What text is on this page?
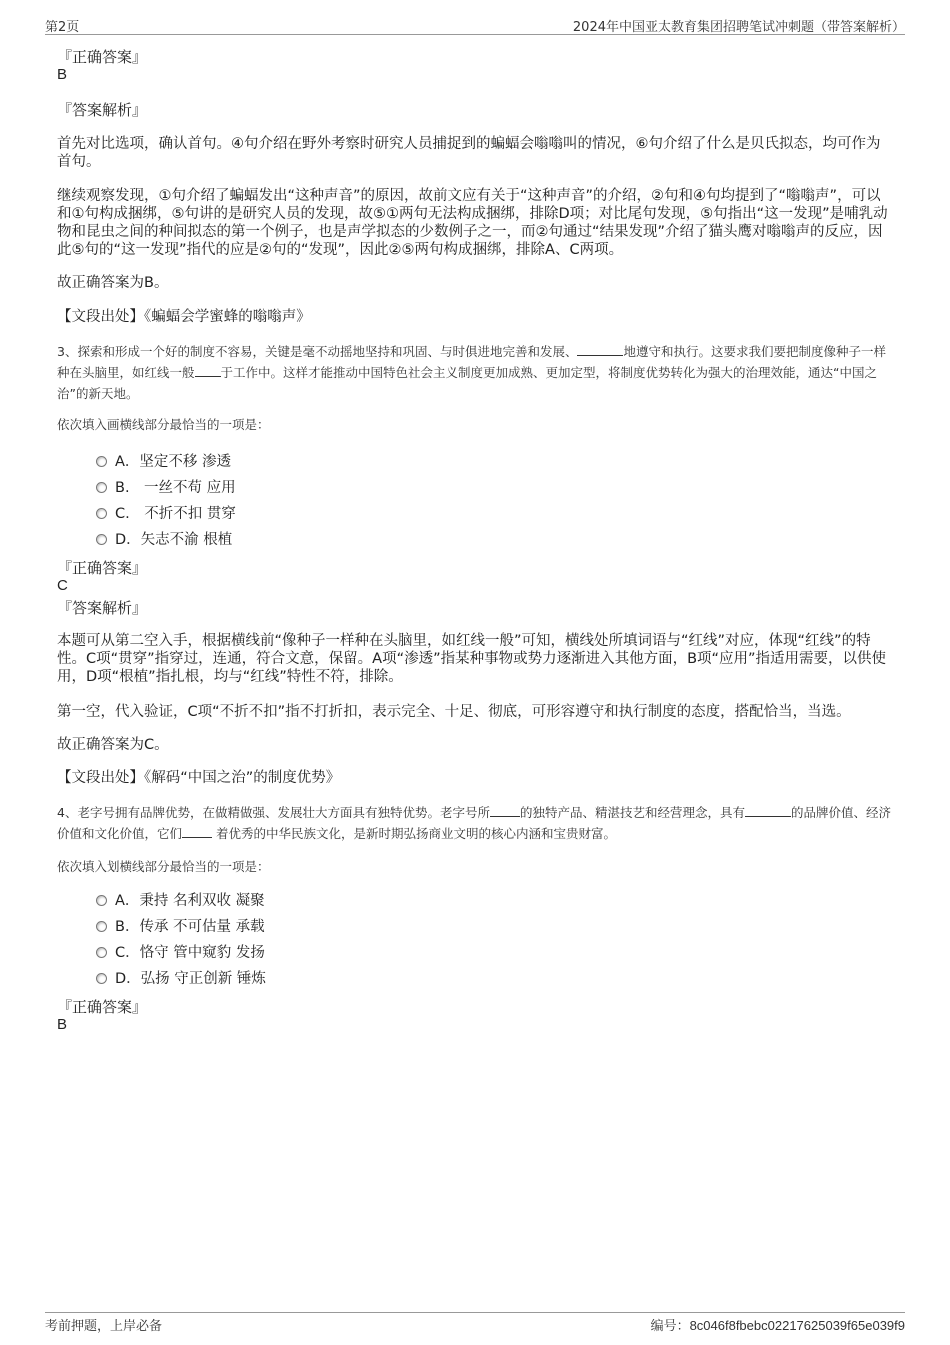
第2页	2024年中国亚太教育集团招聘笔试冲刺题（带答案解析）
『正确答案』
B
『答案解析』
首先对比选项，确认首句。④句介绍在野外考察时研究人员捕捉到的蝙蝠会嗡嗡叫的情况，⑥句介绍了什么是贝氏拟态，均可作为首句。
继续观察发现，①句介绍了蝙蝠发出“这种声音”的原因，故前文应有关于“这种声音”的介绍，②句和④句均提到了“嗡嗡声”，可以和①句构成捆绑，⑤句讲的是研究人员的发现，故⑤①两句无法构成捆绑，排除D项；对比尾句发现，⑤句指出“这一发现”是哺乳动物和昆虫之间的种间拟态的第一个例子，也是声学拟态的少数例子之一，而②句通过“结果发现”介绍了猫头鹰对嗡嗡声的反应，因此⑤句的“这一发现”指代的应是②句的“发现”，因此②⑤两句构成捆绑，排除A、C两项。
故正确答案为B。
【文段出处】《蝙蝠会学蜜蜂的嗡嗡声》
3、探索和形成一个好的制度不容易，关键是毫不动摇地坚持和巩固、与时俱进地完善和发展、	地遵守和执行。这要求我们要把制度像种子一样种在头脑里，如红线一般 于工作中。这样才能推动中国特色社会主义制度更加成熟、更加定型，将制度优势转化为强大的治理效能，通达“中国之治”的新天地。
依次填入画横线部分最恰当的一项是：
A．坚定不移 渗透
B.　一丝不苟 应用
C.　不折不扣 贯穿
D．矢志不渝 根植
『正确答案』
C
『答案解析』
本题可从第二空入手，根据横线前“像种子一样种在头脑里，如红线一般”可知，横线处所填词语与“红线”对应，体现“红线”的特性。C项“贯穿”指穿过，连通，符合文意，保留。A项“渗透”指某种事物或势力逐渐进入其他方面，B项“应用”指适用需要，以供使用，D项“根植”指扎根，均与“红线”特性不符，排除。
第一空，代入验证，C项“不折不扣”指不打折扣，表示完全、十足、彻底，可形容遵守和执行制度的态度，搭配恰当，当选。
故正确答案为C。
【文段出处】《解码“中国之治”的制度优势》
4、老字号拥有品牌优势，在做精做强、发展壮大方面具有独特优势。老字号所 的独特产品、精湛技艺和经营理念，具有	的品牌价值、经济价值和文化价值，它们 着优秀的中华民族文化，是新时期弘扬商业文明的核心内涵和宝贵财富。
依次填入划横线部分最恰当的一项是：
A．秉持 名利双收 凝聚
B．传承 不可估量 承载
C．恪守 管中窥豹 发扬
D．弘扬 守正创新 锤炼
『正确答案』
B
考前押题，上岸必备	编号：8c046f8fbebc02217625039f65e039f9
